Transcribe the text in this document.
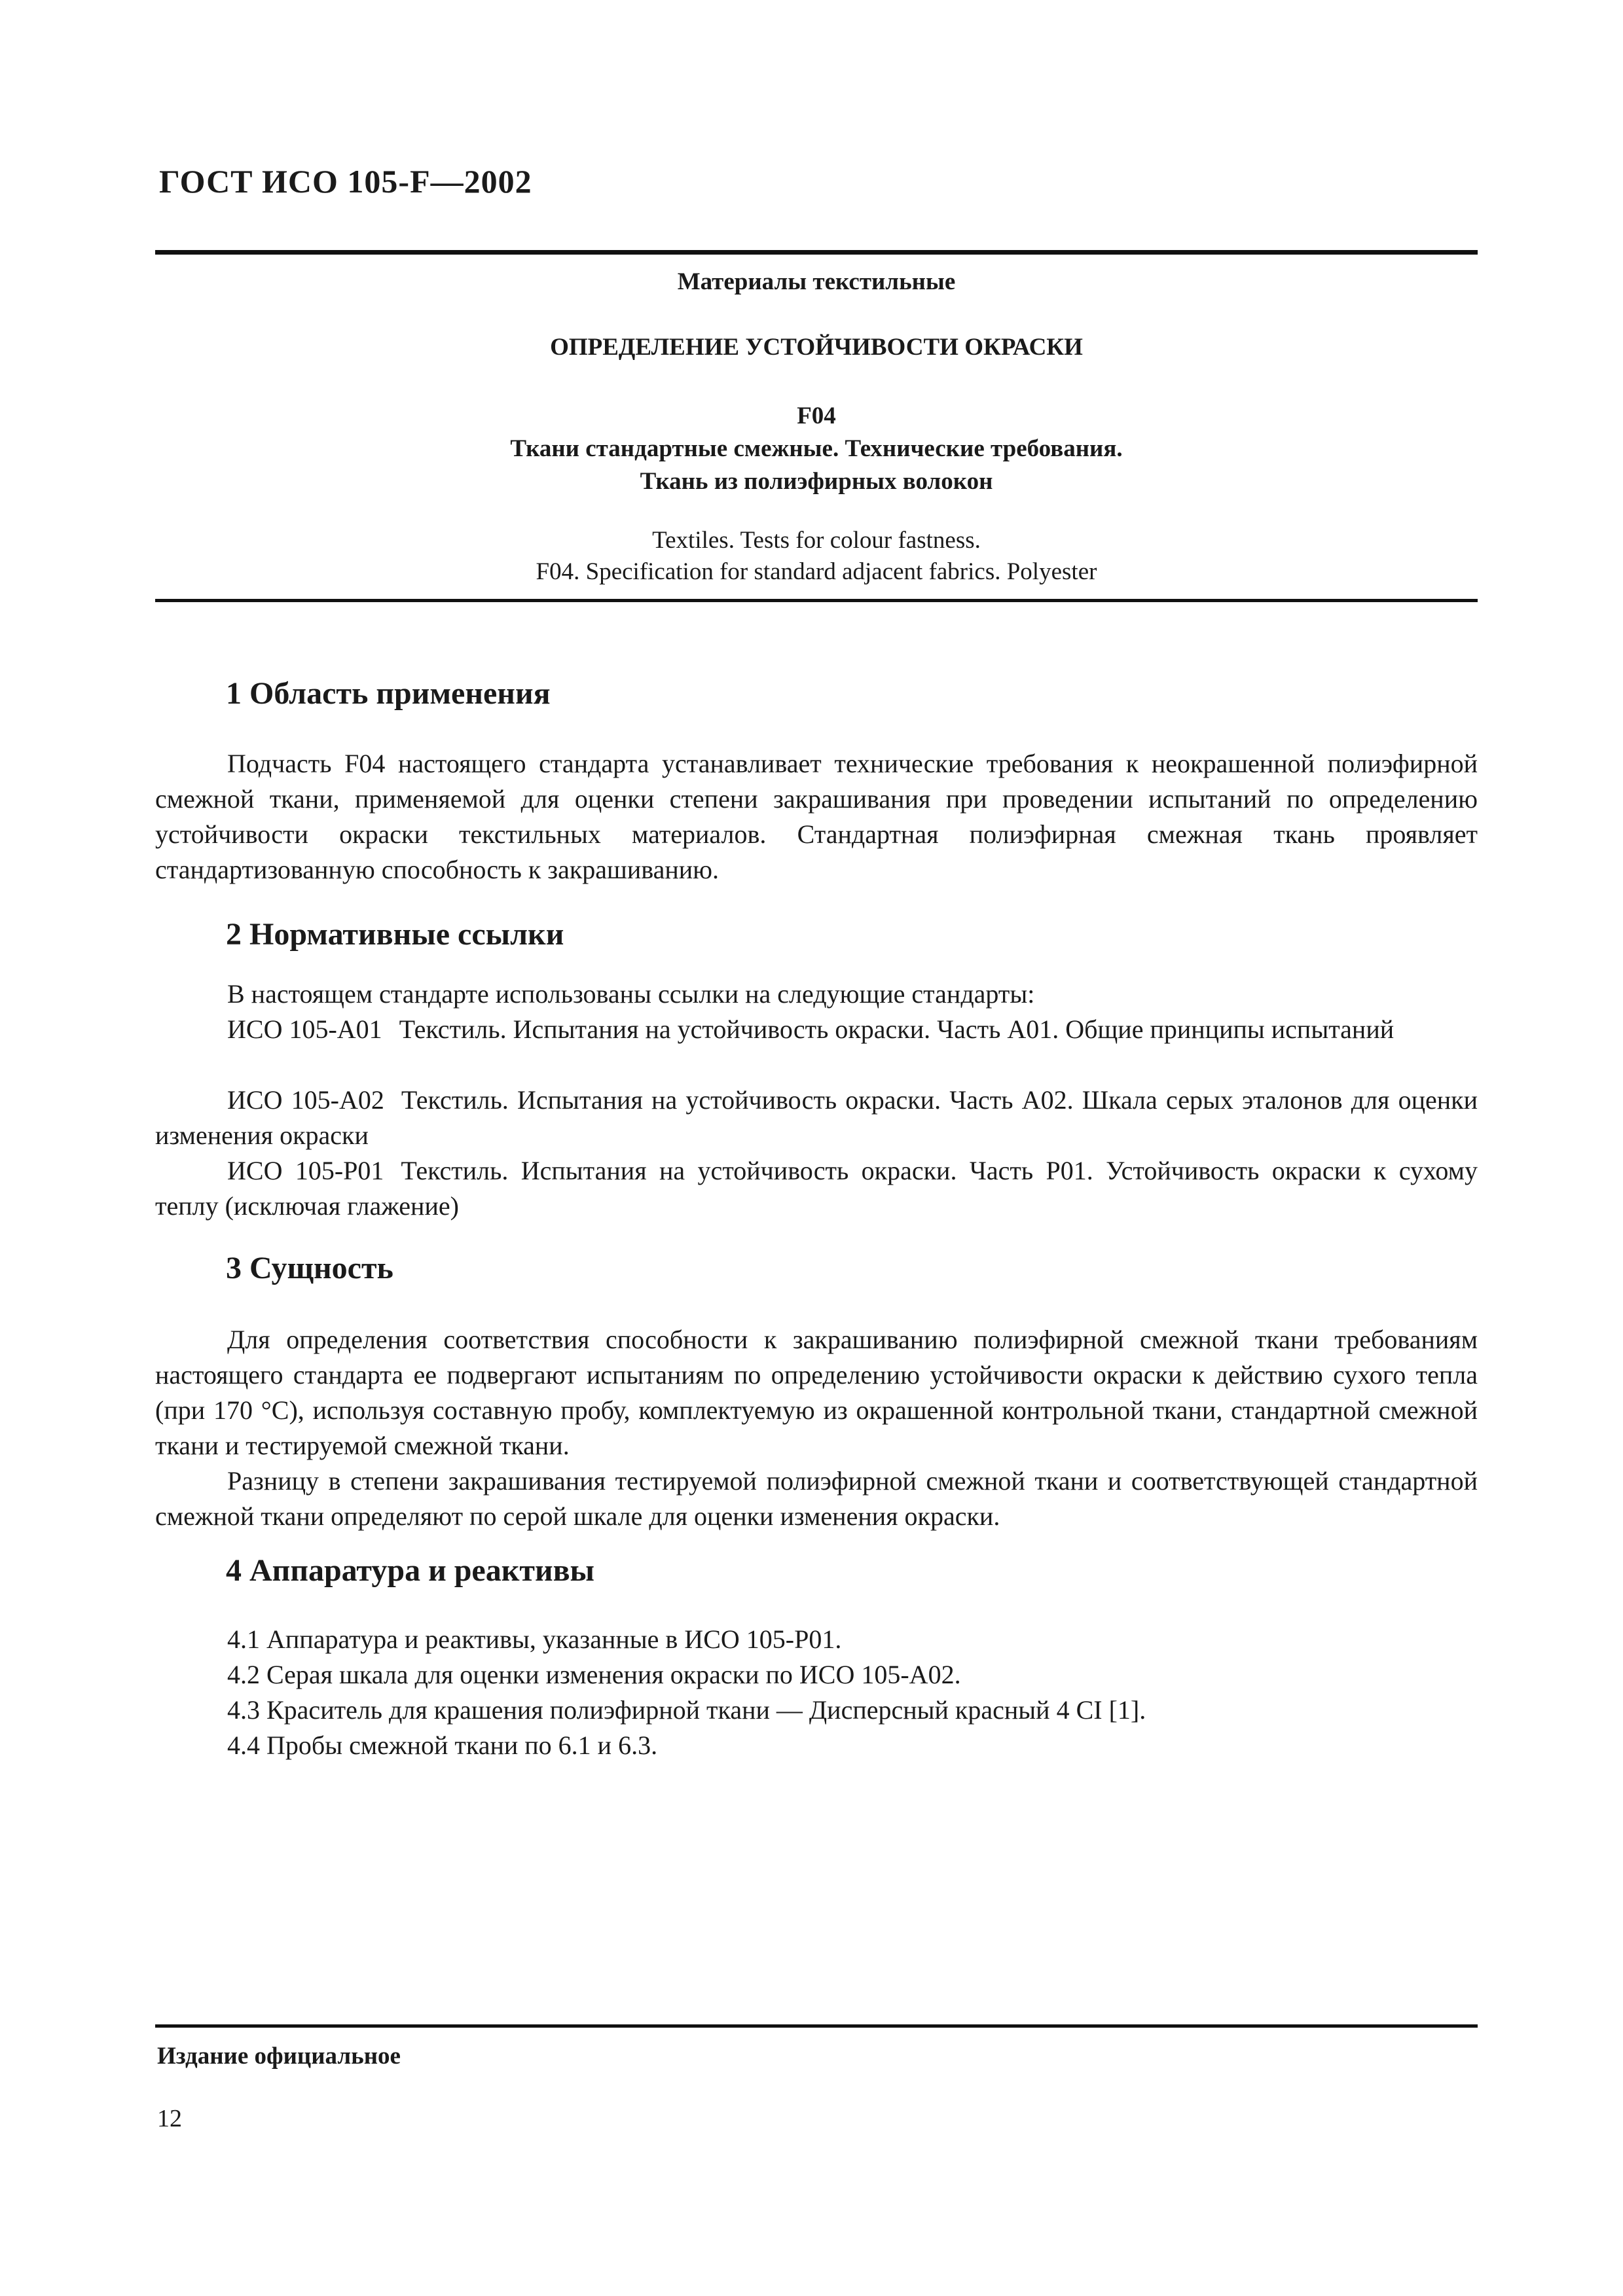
ГОСТ ИСО 105-F—2002
Материалы текстильные
ОПРЕДЕЛЕНИЕ УСТОЙЧИВОСТИ ОКРАСКИ
F04
Ткани стандартные смежные. Технические требования.
Ткань из полиэфирных волокон
Textiles. Tests for colour fastness.
F04. Specification for standard adjacent fabrics. Polyester
1 Область применения
Подчасть F04 настоящего стандарта устанавливает технические требования к неокрашенной полиэфирной смежной ткани, применяемой для оценки степени закрашивания при проведении испытаний по определению устойчивости окраски текстильных материалов. Стандартная полиэфирная смежная ткань проявляет стандартизованную способность к закрашиванию.
2 Нормативные ссылки
В настоящем стандарте использованы ссылки на следующие стандарты:
ИСО 105-А01 Текстиль. Испытания на устойчивость окраски. Часть А01. Общие принципы испытаний
ИСО 105-А02 Текстиль. Испытания на устойчивость окраски. Часть А02. Шкала серых эталонов для оценки изменения окраски
ИСО 105-Р01 Текстиль. Испытания на устойчивость окраски. Часть Р01. Устойчивость окраски к сухому теплу (исключая глажение)
3 Сущность
Для определения соответствия способности к закрашиванию полиэфирной смежной ткани требованиям настоящего стандарта ее подвергают испытаниям по определению устойчивости окраски к действию сухого тепла (при 170 °С), используя составную пробу, комплектуемую из окрашенной контрольной ткани, стандартной смежной ткани и тестируемой смежной ткани.
Разницу в степени закрашивания тестируемой полиэфирной смежной ткани и соответствующей стандартной смежной ткани определяют по серой шкале для оценки изменения окраски.
4 Аппаратура и реактивы
4.1 Аппаратура и реактивы, указанные в ИСО 105-Р01.
4.2 Серая шкала для оценки изменения окраски по ИСО 105-А02.
4.3 Краситель для крашения полиэфирной ткани — Дисперсный красный 4 CI [1].
4.4 Пробы смежной ткани по 6.1 и 6.3.
Издание официальное
12
